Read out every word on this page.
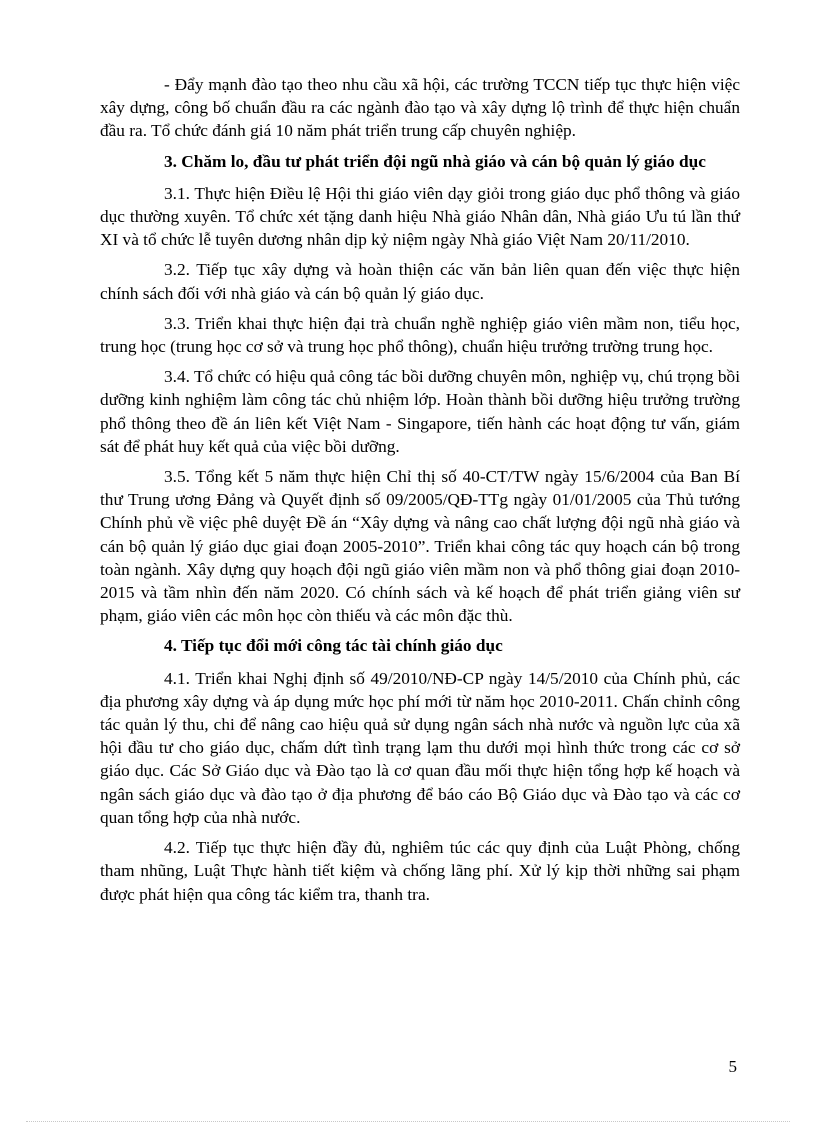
- Đẩy mạnh đào tạo theo nhu cầu xã hội, các trường TCCN tiếp tục thực hiện việc xây dựng, công bố chuẩn đầu ra các ngành đào tạo và xây dựng lộ trình để thực hiện chuẩn đầu ra. Tổ chức đánh giá 10 năm phát triển trung cấp chuyên nghiệp.

3. Chăm lo, đầu tư phát triển đội ngũ nhà giáo và cán bộ quản lý giáo dục

3.1. Thực hiện Điều lệ Hội thi giáo viên dạy giỏi trong giáo dục phổ thông và giáo dục thường xuyên. Tổ chức xét tặng danh hiệu Nhà giáo Nhân dân, Nhà giáo Ưu tú lần thứ XI và tổ chức lễ tuyên dương nhân dịp kỷ niệm ngày Nhà giáo Việt Nam 20/11/2010.

3.2. Tiếp tục xây dựng và hoàn thiện các văn bản liên quan đến việc thực hiện chính sách đối với nhà giáo và cán bộ quản lý giáo dục.

3.3. Triển khai thực hiện đại trà chuẩn nghề nghiệp giáo viên mầm non, tiểu học, trung học (trung học cơ sở và trung học phổ thông), chuẩn hiệu trưởng trường trung học.

3.4. Tổ chức có hiệu quả công tác bồi dưỡng chuyên môn, nghiệp vụ, chú trọng bồi dưỡng kinh nghiệm làm công tác chủ nhiệm lớp. Hoàn thành bồi dưỡng hiệu trưởng trường phổ thông theo đề án liên kết Việt Nam - Singapore, tiến hành các hoạt động tư vấn, giám sát để phát huy kết quả của việc bồi dưỡng.

3.5. Tổng kết 5 năm thực hiện Chỉ thị số 40-CT/TW ngày 15/6/2004 của Ban Bí thư Trung ương Đảng và Quyết định số 09/2005/QĐ-TTg ngày 01/01/2005 của Thủ tướng Chính phủ về việc phê duyệt Đề án “Xây dựng và nâng cao chất lượng đội ngũ nhà giáo và cán bộ quản lý giáo dục giai đoạn 2005-2010”. Triển khai công tác quy hoạch cán bộ trong toàn ngành. Xây dựng quy hoạch đội ngũ giáo viên mầm non và phổ thông giai đoạn 2010-2015 và tầm nhìn đến năm 2020. Có chính sách và kế hoạch để phát triển giảng viên sư phạm, giáo viên các môn học còn thiếu và các môn đặc thù.

4. Tiếp tục đổi mới công tác tài chính giáo dục

4.1. Triển khai Nghị định số 49/2010/NĐ-CP ngày 14/5/2010 của Chính phủ, các địa phương xây dựng và áp dụng mức học phí mới từ năm học 2010-2011. Chấn chỉnh công tác quản lý thu, chi để nâng cao hiệu quả sử dụng ngân sách nhà nước và nguồn lực của xã hội đầu tư cho giáo dục, chấm dứt tình trạng lạm thu dưới mọi hình thức trong các cơ sở giáo dục. Các Sở Giáo dục và Đào tạo là cơ quan đầu mối thực hiện tổng hợp kế hoạch và ngân sách giáo dục và đào tạo ở địa phương để báo cáo Bộ Giáo dục và Đào tạo và các cơ quan tổng hợp của nhà nước.

4.2. Tiếp tục thực hiện đầy đủ, nghiêm túc các quy định của Luật Phòng, chống tham nhũng, Luật Thực hành tiết kiệm và chống lãng phí. Xử lý kịp thời những sai phạm được phát hiện qua công tác kiểm tra, thanh tra.

5
